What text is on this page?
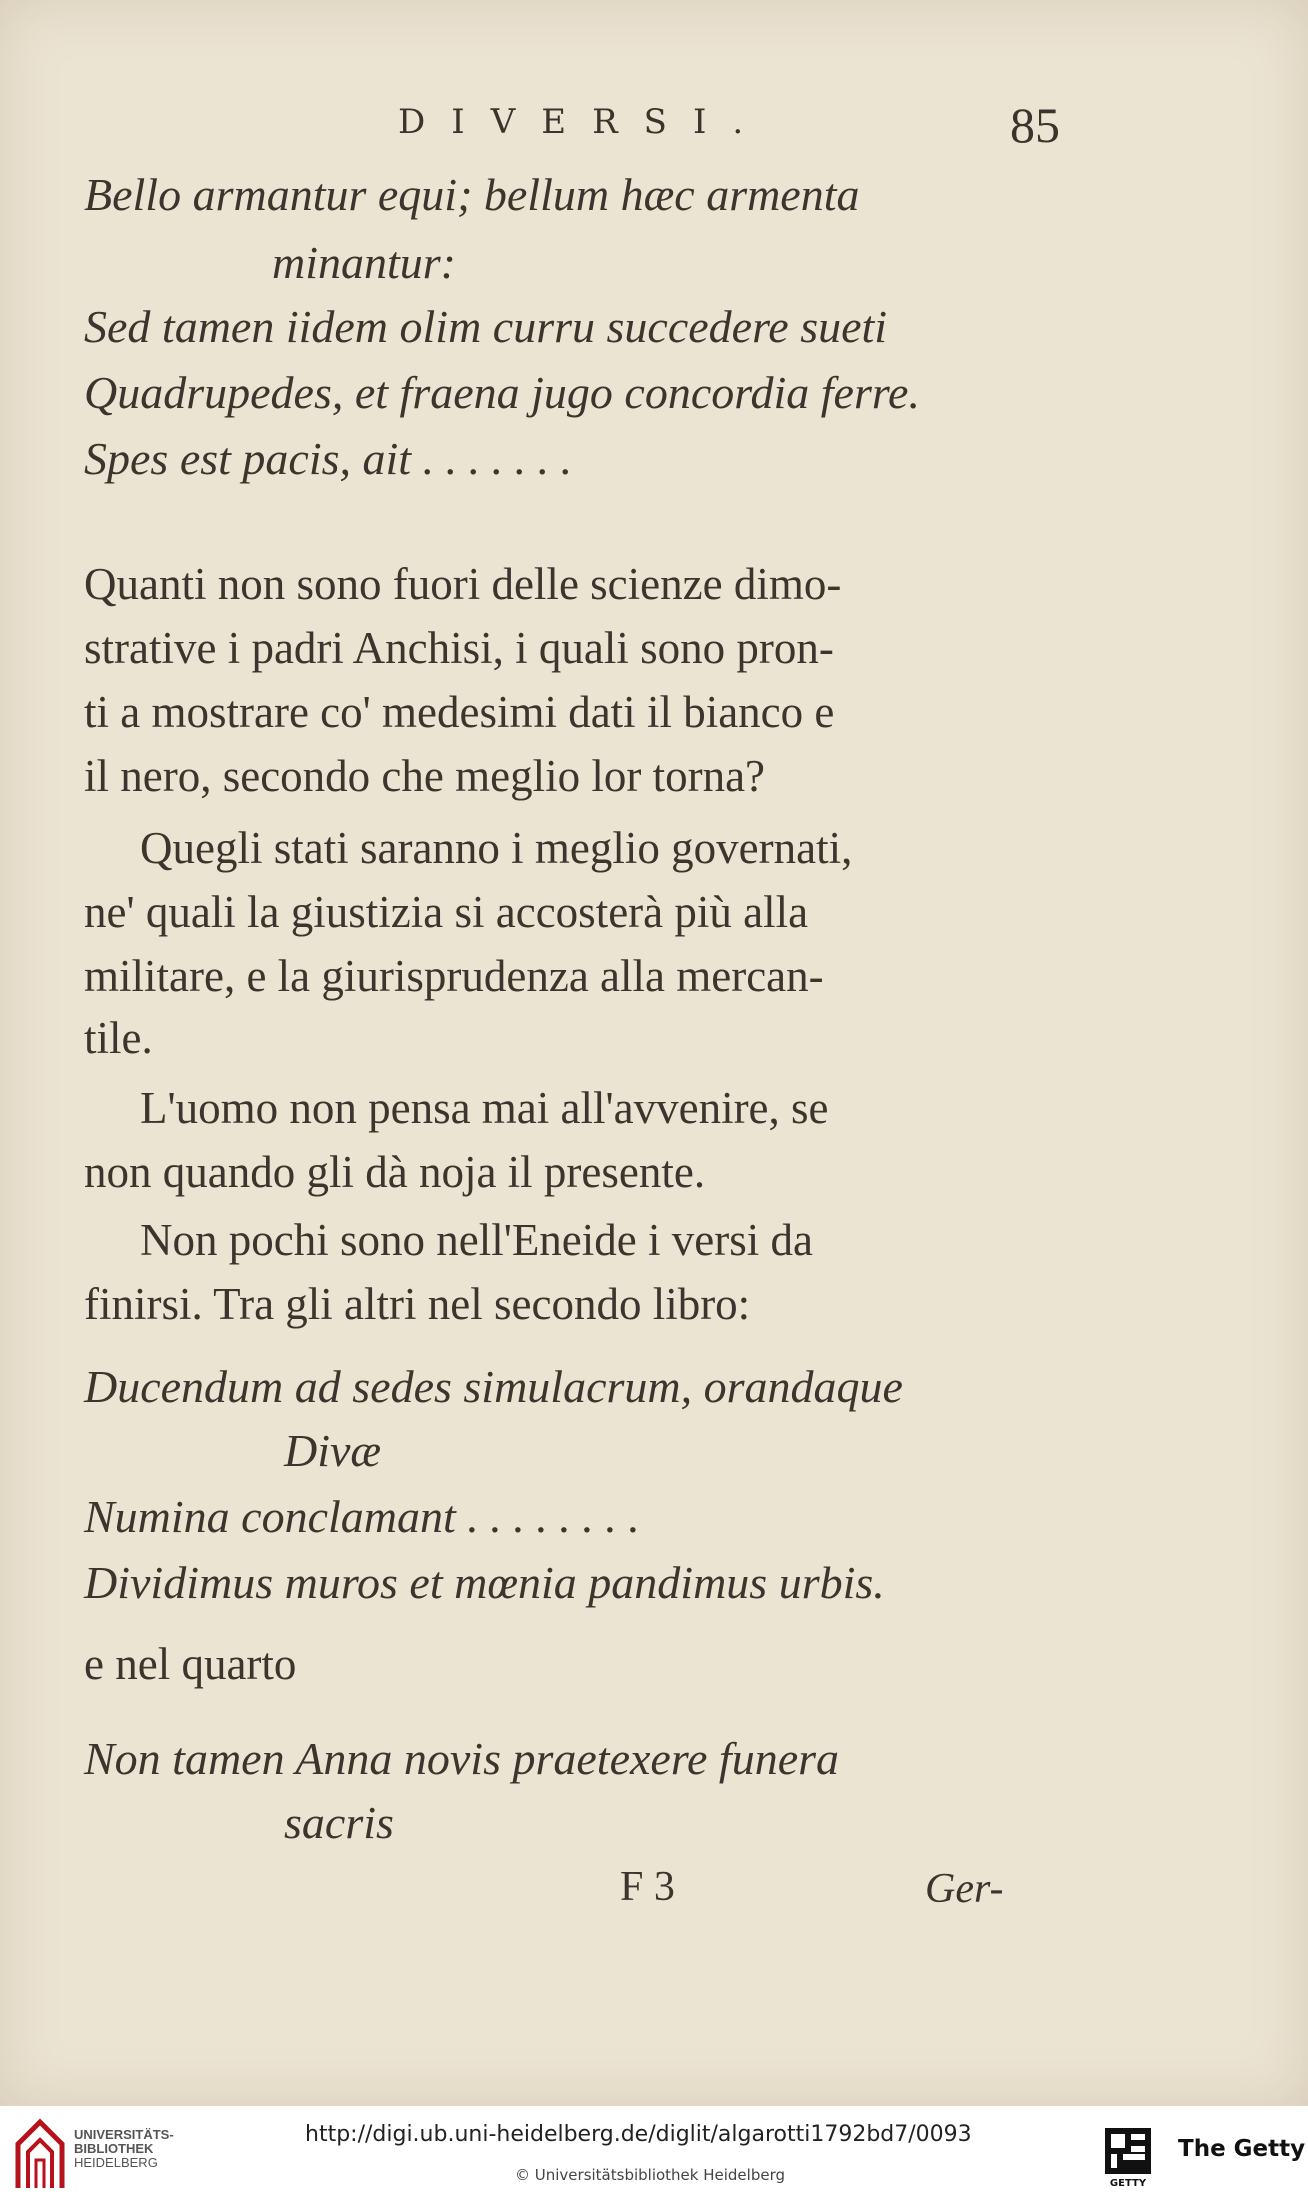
DIVERSI.	85
Bello armantur equi; bellum hæc armenta
minantur:
Sed tamen iidem olim curru succedere sueti
Quadrupedes, et fraena jugo concordia ferre.
Spes est pacis, ait . . . . . . .
Quanti non sono fuori delle scienze dimo-
strative i padri Anchisi, i quali sono pron-
ti a mostrare co' medesimi dati il bianco e
il nero, secondo che meglio lor torna?
Quegli stati saranno i meglio governati,
ne' quali la giustizia si accosterà più alla
militare, e la giurisprudenza alla mercan-
tile.
L'uomo non pensa mai all'avvenire, se
non quando gli dà noja il presente.
Non pochi sono nell'Eneide i versi da
finirsi. Tra gli altri nel secondo libro:
Ducendum ad sedes simulacrum, orandaque
Divæ
Numina conclamant . . . . . . . .
Dividimus muros et mœnia pandimus urbis.
e nel quarto
Non tamen Anna novis praetexere funera
sacris
F 3	Ger-
UNIVERSITÄTS-
BIBLIOTHEK
HEIDELBERG
http://digi.ub.uni-heidelberg.de/diglit/algarotti1792bd7/0093
© Universitätsbibliothek Heidelberg	GETTY
The Getty
